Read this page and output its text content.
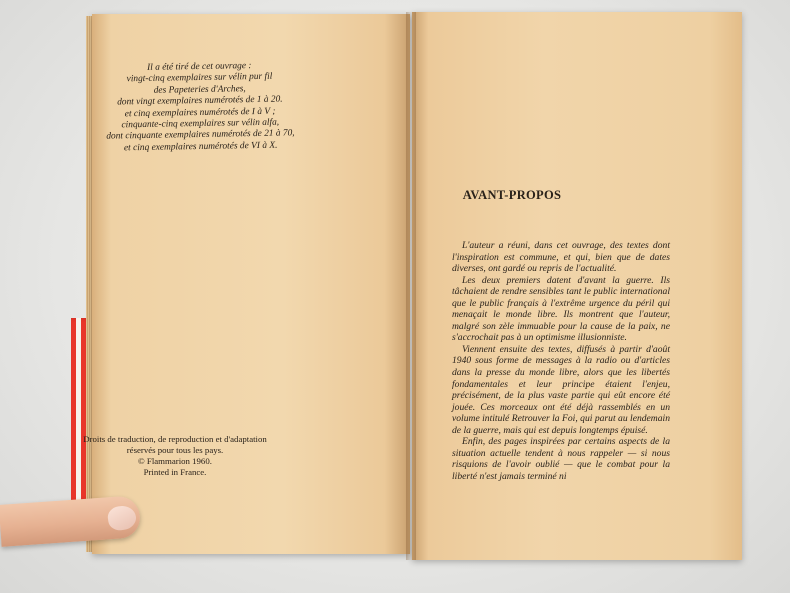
Il a été tiré de cet ouvrage :
vingt-cinq exemplaires sur vélin pur fil
des Papeteries d'Arches,
dont vingt exemplaires numérotés de 1 à 20.
et cinq exemplaires numérotés de I à V ;
cinquante-cinq exemplaires sur vélin alfa,
dont cinquante exemplaires numérotés de 21 à 70,
et cinq exemplaires numérotés de VI à X.
Droits de traduction, de reproduction et d'adaptation
réservés pour tous les pays.
© Flammarion 1960.
Printed in France.
AVANT-PROPOS

L'auteur a réuni, dans cet ouvrage, des textes dont l'inspiration est commune, et qui, bien que de dates diverses, ont gardé ou repris de l'actualité.

Les deux premiers datent d'avant la guerre. Ils tâchaient de rendre sensibles tant le public international que le public français à l'extrême urgence du péril qui menaçait le monde libre. Ils montrent que l'auteur, malgré son zèle immuable pour la cause de la paix, ne s'accrochait pas à un optimisme illusionniste.

Viennent ensuite des textes, diffusés à partir d'août 1940 sous forme de messages à la radio ou d'articles dans la presse du monde libre, alors que les libertés fondamentales et leur principe étaient l'enjeu, précisément, de la plus vaste partie qui eût encore été jouée. Ces morceaux ont été déjà rassemblés en un volume intitulé Retrouver la Foi, qui parut au lendemain de la guerre, mais qui est depuis longtemps épuisé.

Enfin, des pages inspirées par certains aspects de la situation actuelle tendent à nous rappeler — si nous risquions de l'avoir oublié — que le combat pour la liberté n'est jamais terminé ni
